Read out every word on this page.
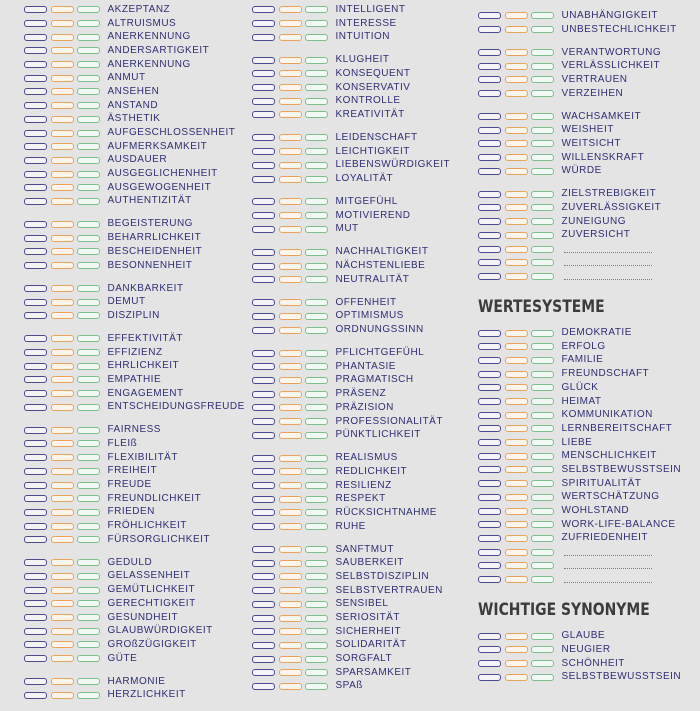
AKZEPTANZ
ALTRUISMUS
ANERKENNUNG
ANDERSARTIGKEIT
ANERKENNUNG
ANMUT
ANSEHEN
ANSTAND
ÄSTHETIK
AUFGESCHLOSSENHEIT
AUFMERKSAMKEIT
AUSDAUER
AUSGEGLICHENHEIT
AUSGEWOGENHEIT
AUTHENTIZITÄT
BEGEISTERUNG
BEHARRLICHKEIT
BESCHEIDENHEIT
BESONNENHEIT
DANKBARKEIT
DEMUT
DISZIPLIN
EFFEKTIVITÄT
EFFIZIENZ
EHRLICHKEIT
EMPATHIE
ENGAGEMENT
ENTSCHEIDUNGSFREUDE
FAIRNESS
FLEIß
FLEXIBILITÄT
FREIHEIT
FREUDE
FREUNDLICHKEIT
FRIEDEN
FRÖHLICHKEIT
FÜRSORGLICHKEIT
GEDULD
GELASSENHEIT
GEMÜTLICHKEIT
GERECHTIGKEIT
GESUNDHEIT
GLAUBWÜRDIGKEIT
GROßZÜGIGKEIT
GÜTE
HARMONIE
HERZLICHKEIT
INTELLIGENT
INTERESSE
INTUITION
KLUGHEIT
KONSEQUENT
KONSERVATIV
KONTROLLE
KREATIVITÄT
LEIDENSCHAFT
LEICHTIGKEIT
LIEBENSWÜRDIGKEIT
LOYALITÄT
MITGEFÜHL
MOTIVIEREND
MUT
NACHHALTIGKEIT
NÄCHSTENLIEBE
NEUTRALITÄT
OFFENHEIT
OPTIMISMUS
ORDNUNGSSINN
PFLICHTGEFÜHL
PHANTASIE
PRAGMATISCH
PRÄSENZ
PRÄZISION
PROFESSIONALITÄT
PÜNKTLICHKEIT
REALISMUS
REDLICHKEIT
RESILIENZ
RESPEKT
RÜCKSICHTNAHME
RUHE
SANFTMUT
SAUBERKEIT
SELBSTDISZIPLIN
SELBSTVERTRAUEN
SENSIBEL
SERIOSITÄT
SICHERHEIT
SOLIDARITÄT
SORGFALT
SPARSAMKEIT
SPAß
UNABHÄNGIGKEIT
UNBESTECHLICHKEIT
VERANTWORTUNG
VERLÄSSLICHKEIT
VERTRAUEN
VERZEIHEN
WACHSAMKEIT
WEISHEIT
WEITSICHT
WILLENSKRAFT
WÜRDE
ZIELSTREBIGKEIT
ZUVERLÄSSIGKEIT
ZUNEIGUNG
ZUVERSICHT
WERTESYSTEME
DEMOKRATIE
ERFOLG
FAMILIE
FREUNDSCHAFT
GLÜCK
HEIMAT
KOMMUNIKATION
LERNBEREITSCHAFT
LIEBE
MENSCHLICHKEIT
SELBSTBEWUSSTSEIN
SPIRITUALITÄT
WERTSCHÄTZUNG
WOHLSTAND
WORK-LIFE-BALANCE
ZUFRIEDENHEIT
WICHTIGE SYNONYME
GLAUBE
NEUGIER
SCHÖNHEIT
SELBSTBEWUSSTSEIN
